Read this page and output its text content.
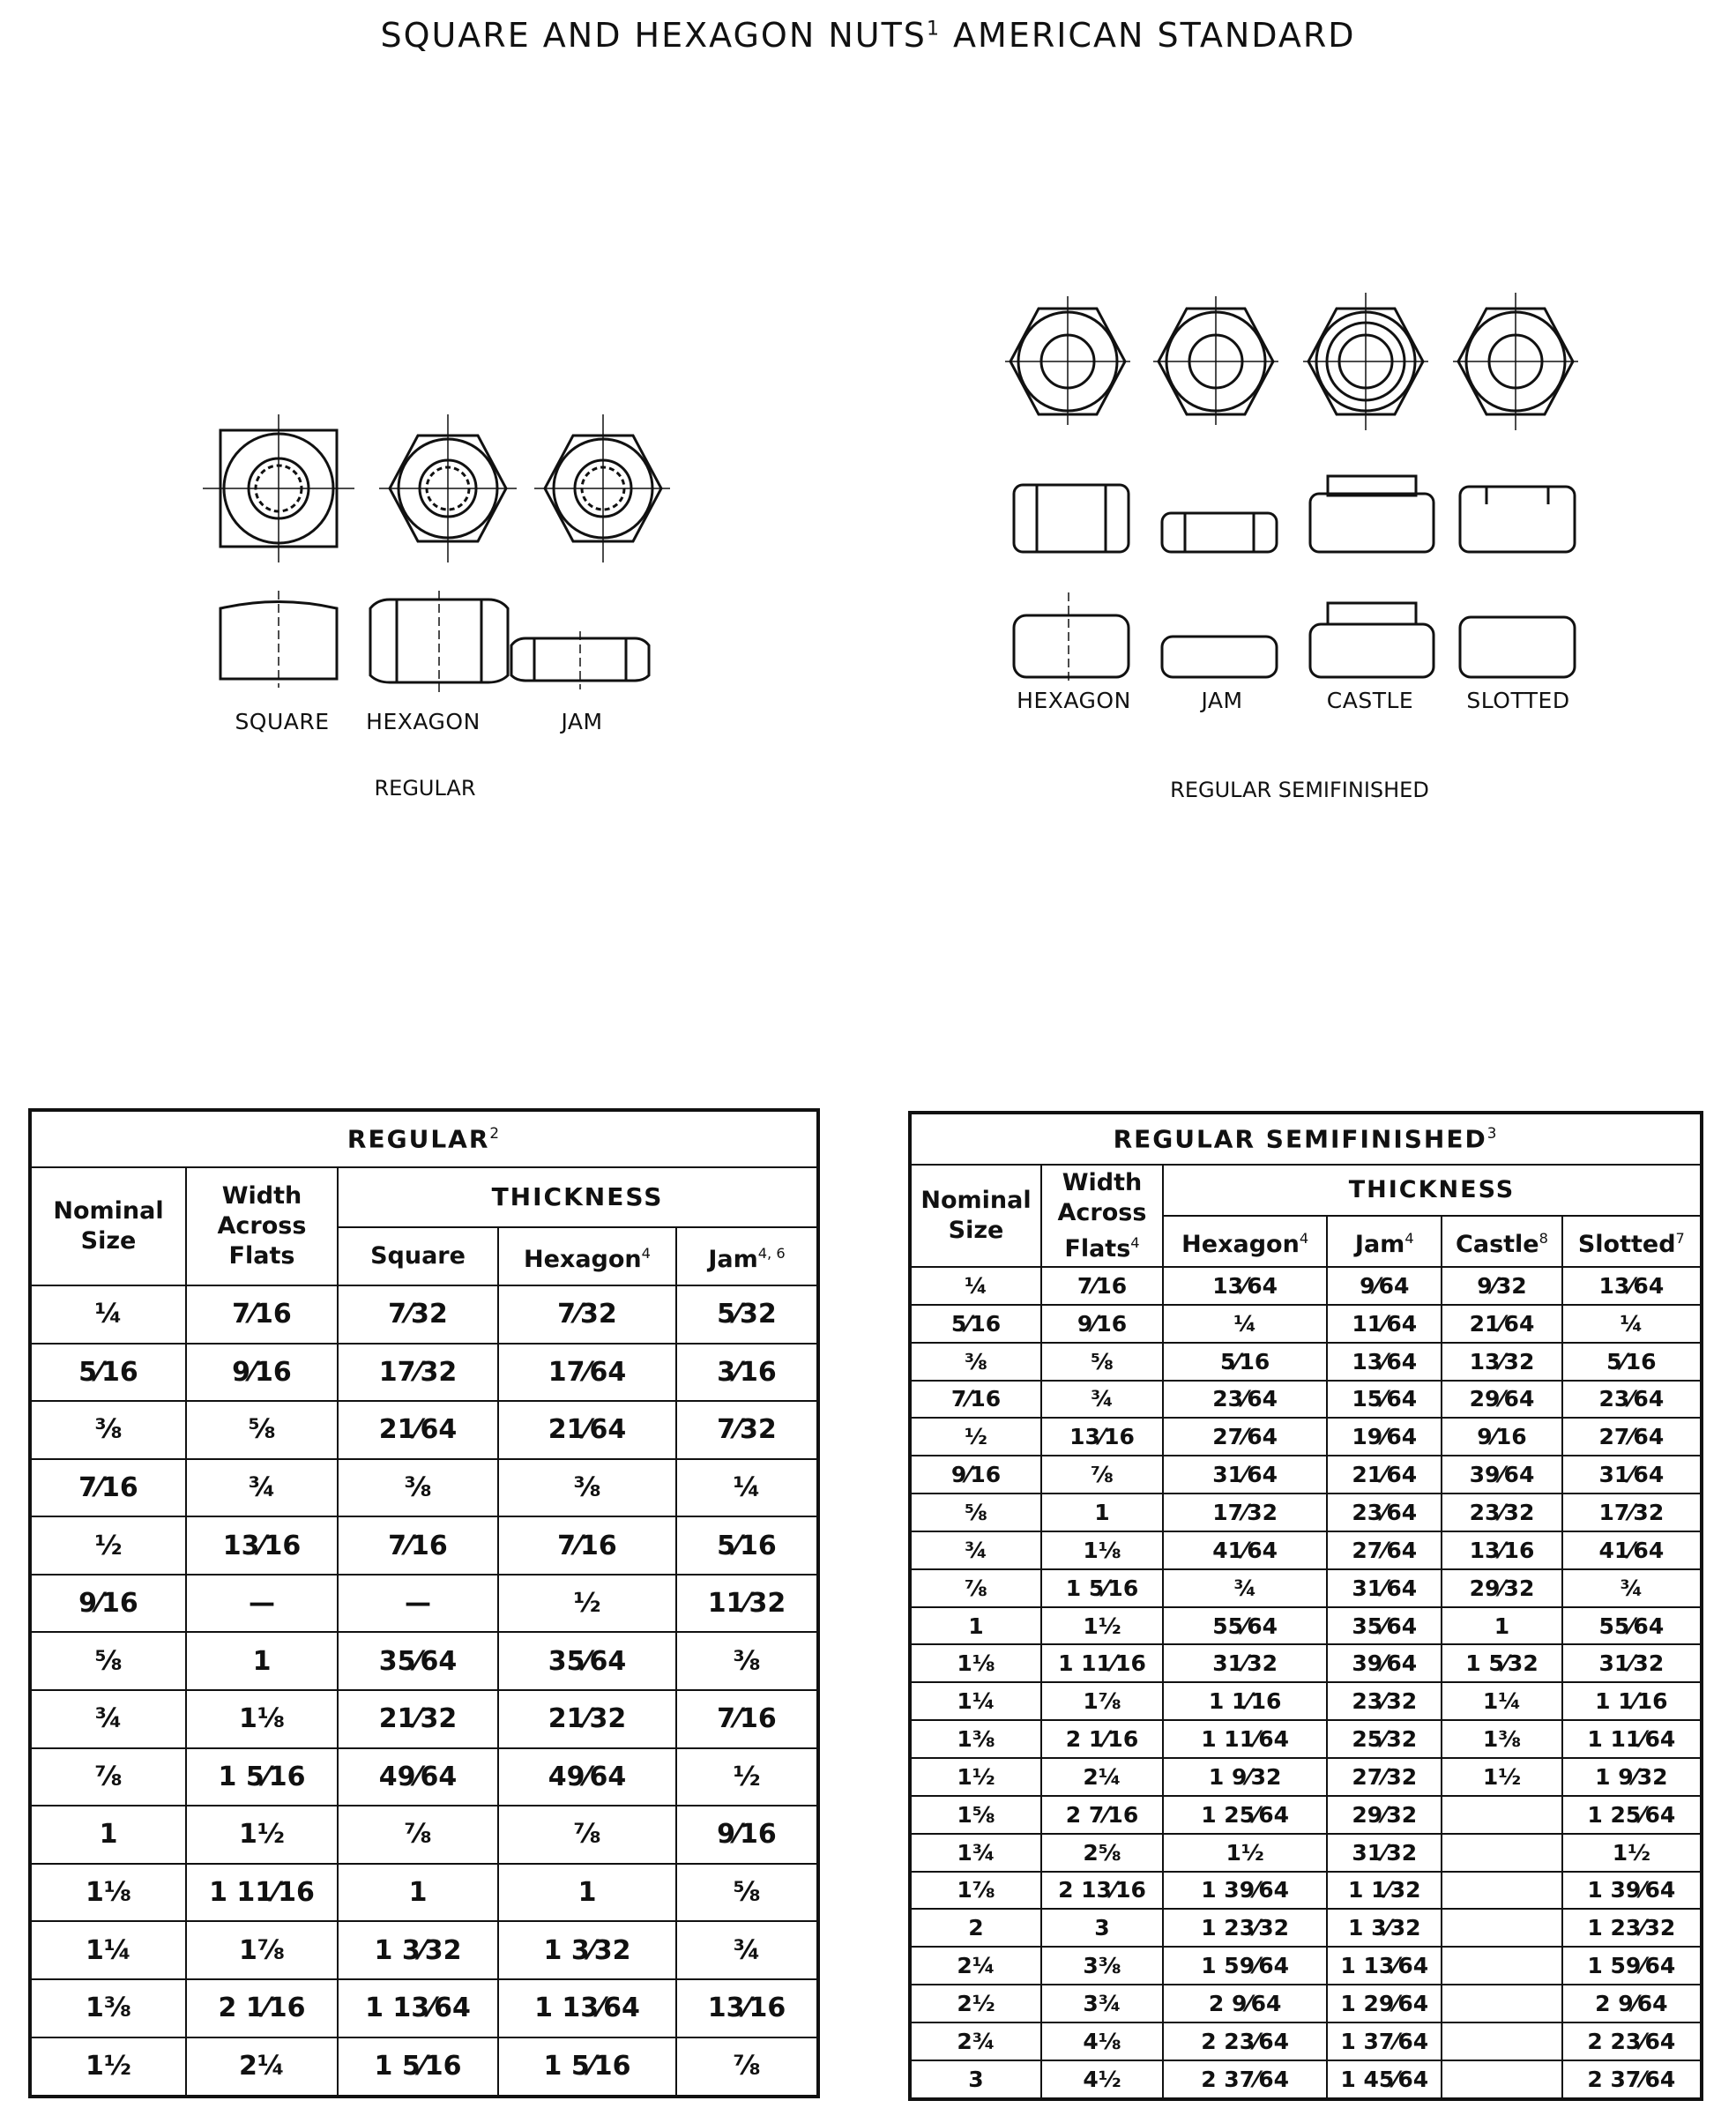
SQUARE AND HEXAGON NUTS$^1$ AMERICAN STANDARD
SQUARE	HEXAGON	JAM
REGULAR
HEXAGON	JAM	CASTLE	SLOTTED
REGULAR SEMIFINISHED
REGULAR$^2$
Nominal Size	Width Across Flats	THICKNESS		
		Square	Hexagon$^4$	Jam$^{4, 6}$
¼	7⁄16	7⁄32	7⁄32	5⁄32
5⁄16	9⁄16	17⁄32	17⁄64	3⁄16
⅜	⅝	21⁄64	21⁄64	7⁄32
7⁄16	¾	⅜	⅜	¼
½	13⁄16	7⁄16	7⁄16	5⁄16
9⁄16	—	—	½	11⁄32
⅝	1	35⁄64	35⁄64	⅜
¾	1⅛	21⁄32	21⁄32	7⁄16
⅞	1 5⁄16	49⁄64	49⁄64	½
1	1½	⅞	⅞	9⁄16
1⅛	1 11⁄16	1	1	⅝
1¼	1⅞	1 3⁄32	1 3⁄32	¾
1⅜	2 1⁄16	1 13⁄64	1 13⁄64	13⁄16
1½	2¼	1 5⁄16	1 5⁄16	⅞
REGULAR SEMIFINISHED$^3$
Nominal Size	Width Across Flats$^4$	THICKNESS			
		Hexagon$^4$	Jam$^4$	Castle$^8$	Slotted$^7$
¼	7⁄16	13⁄64	9⁄64	9⁄32	13⁄64
5⁄16	9⁄16	¼	11⁄64	21⁄64	¼
⅜	⅝	5⁄16	13⁄64	13⁄32	5⁄16
7⁄16	¾	23⁄64	15⁄64	29⁄64	23⁄64
½	13⁄16	27⁄64	19⁄64	9⁄16	27⁄64
9⁄16	⅞	31⁄64	21⁄64	39⁄64	31⁄64
⅝	1	17⁄32	23⁄64	23⁄32	17⁄32
¾	1⅛	41⁄64	27⁄64	13⁄16	41⁄64
⅞	1 5⁄16	¾	31⁄64	29⁄32	¾
1	1½	55⁄64	35⁄64	1	55⁄64
1⅛	1 11⁄16	31⁄32	39⁄64	1 5⁄32	31⁄32
1¼	1⅞	1 1⁄16	23⁄32	1¼	1 1⁄16
1⅜	2 1⁄16	1 11⁄64	25⁄32	1⅜	1 11⁄64
1½	2¼	1 9⁄32	27⁄32	1½	1 9⁄32
1⅝	2 7⁄16	1 25⁄64	29⁄32		1 25⁄64
1¾	2⅝	1½	31⁄32		1½
1⅞	2 13⁄16	1 39⁄64	1 1⁄32		1 39⁄64
2	3	1 23⁄32	1 3⁄32		1 23⁄32
2¼	3⅜	1 59⁄64	1 13⁄64		1 59⁄64
2½	3¾	2 9⁄64	1 29⁄64		2 9⁄64
2¾	4⅛	2 23⁄64	1 37⁄64		2 23⁄64
3	4½	2 37⁄64	1 45⁄64		2 37⁄64
